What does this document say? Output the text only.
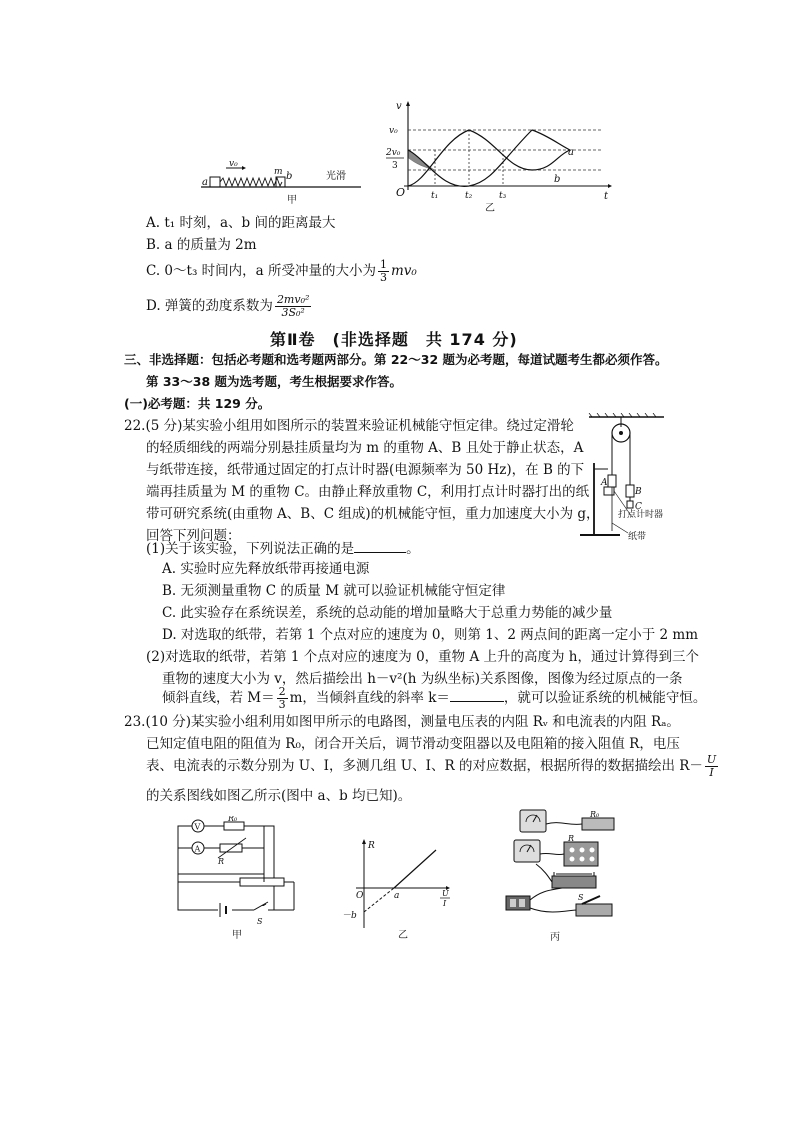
a
v₀
m b	光滑
甲
v
t
O
v₀
2v₀
3
t₁	t₂	t₃
a
b
乙
A. t₁ 时刻，a、b 间的距离最大
B. a 的质量为 2m
C. 0～t₃ 时间内，a 所受冲量的大小为 $\frac{1}{3} mv_0$
D. 弹簧的劲度系数为 $\frac{\text{2mv₀²}}{\text{3S₀²}}$
第Ⅱ卷　(非选择题　共 174 分)
三、非选择题：包括必考题和选考题两部分。第 22～32 题为必考题，每道试题考生都必须作答。
第 33～38 题为选考题，考生根据要求作答。
(一)必考题：共 129 分。
22.(5 分)某实验小组用如图所示的装置来验证机械能守恒定律。绕过定滑轮
的轻质细线的两端分别悬挂质量均为 m 的重物 A、B 且处于静止状态，A
与纸带连接，纸带通过固定的打点计时器(电源频率为 50 Hz)，在 B 的下
端再挂质量为 M 的重物 C。由静止释放重物 C，利用打点计时器打出的纸
带可研究系统(由重物 A、B、C 组成)的机械能守恒，重力加速度大小为 g，
回答下列问题：
(1)关于该实验，下列说法正确的是	。
A. 实验时应先释放纸带再接通电源
B. 无须测量重物 C 的质量 M 就可以验证机械能守恒定律
C. 此实验存在系统误差，系统的总动能的增加量略大于总重力势能的减少量
D. 对选取的纸带，若第 1 个点对应的速度为 0，则第 1、2 两点间的距离一定小于 2 mm
(2)对选取的纸带，若第 1 个点对应的速度为 0，重物 A 上升的高度为 h，通过计算得到三个
重物的速度大小为 v，然后描绘出 h－v²(h 为纵坐标)关系图像，图像为经过原点的一条
倾斜直线，若 $M= \frac{2}{3}$ m，当倾斜直线的斜率 k＝	，就可以验证系统的机械能守恒。
A
B
C
打点计时器
纸带
23.(10 分)某实验小组利用如图甲所示的电路图，测量电压表的内阻 Rᵥ 和电流表的内阻 Rₐ。
已知定值电阻的阻值为 R₀，闭合开关后，调节滑动变阻器以及电阻箱的接入阻值 R，电压
表、电流表的示数分别为 U、I，多测几组 U、I、R 的对应数据，根据所得的数据描绘出 $R- \frac{U}{I}$
的关系图线如图乙所示(图中 a、b 均已知)。
V
R₀
A
R
S
甲
R
O	a
－b
U
I
乙
R₀
R
S
丙
